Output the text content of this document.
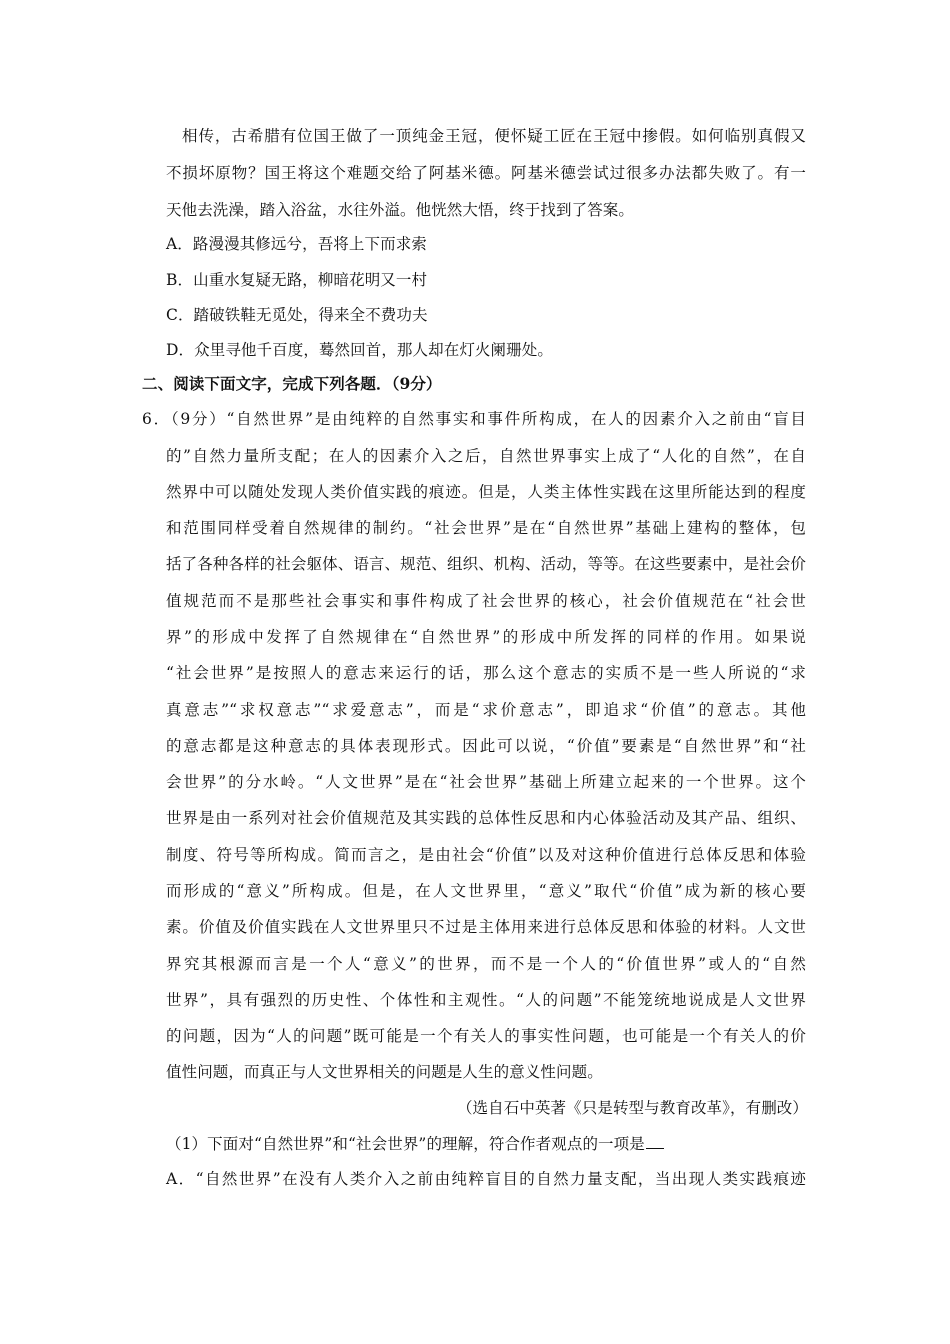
相传，古希腊有位国王做了一顶纯金王冠，便怀疑工匠在王冠中掺假。如何临别真假又
不损坏原物？国王将这个难题交给了阿基米德。阿基米德尝试过很多办法都失败了。有一
天他去洗澡，踏入浴盆，水往外溢。他恍然大悟，终于找到了答案。
A．路漫漫其修远兮，吾将上下而求索
B．山重水复疑无路，柳暗花明又一村
C．踏破铁鞋无觅处，得来全不费功夫
D．众里寻他千百度，蓦然回首，那人却在灯火阑珊处。
二、阅读下面文字，完成下列各题．（9分）
6．（9分）“自然世界”是由纯粹的自然事实和事件所构成，在人的因素介入之前由“盲目
的”自然力量所支配；在人的因素介入之后，自然世界事实上成了“人化的自然”，在自
然界中可以随处发现人类价值实践的痕迹。但是，人类主体性实践在这里所能达到的程度
和范围同样受着自然规律的制约。“社会世界”是在“自然世界”基础上建构的整体，包
括了各种各样的社会躯体、语言、规范、组织、机构、活动，等等。在这些要素中，是社会价
值规范而不是那些社会事实和事件构成了社会世界的核心，社会价值规范在“社会世
界”的形成中发挥了自然规律在“自然世界”的形成中所发挥的同样的作用。如果说
“社会世界”是按照人的意志来运行的话，那么这个意志的实质不是一些人所说的“求
真意志”“求权意志”“求爱意志”，而是“求价意志”，即追求“价值”的意志。其他
的意志都是这种意志的具体表现形式。因此可以说，“价值”要素是“自然世界”和“社
会世界”的分水岭。“人文世界”是在“社会世界”基础上所建立起来的一个世界。这个
世界是由一系列对社会价值规范及其实践的总体性反思和内心体验活动及其产品、组织、
制度、符号等所构成。简而言之，是由社会“价值”以及对这种价值进行总体反思和体验
而形成的“意义”所构成。但是，在人文世界里，“意义”取代“价值”成为新的核心要
素。价值及价值实践在人文世界里只不过是主体用来进行总体反思和体验的材料。人文世
界究其根源而言是一个人“意义”的世界，而不是一个人的“价值世界”或人的“自然
世界”，具有强烈的历史性、个体性和主观性。“人的问题”不能笼统地说成是人文世界
的问题，因为“人的问题”既可能是一个有关人的事实性问题，也可能是一个有关人的价
值性问题，而真正与人文世界相关的问题是人生的意义性问题。
（选自石中英著《只是转型与教育改革》，有删改）
（1）下面对“自然世界”和“社会世界”的理解，符合作者观点的一项是
A．“自然世界”在没有人类介入之前由纯粹盲目的自然力量支配，当出现人类实践痕迹
